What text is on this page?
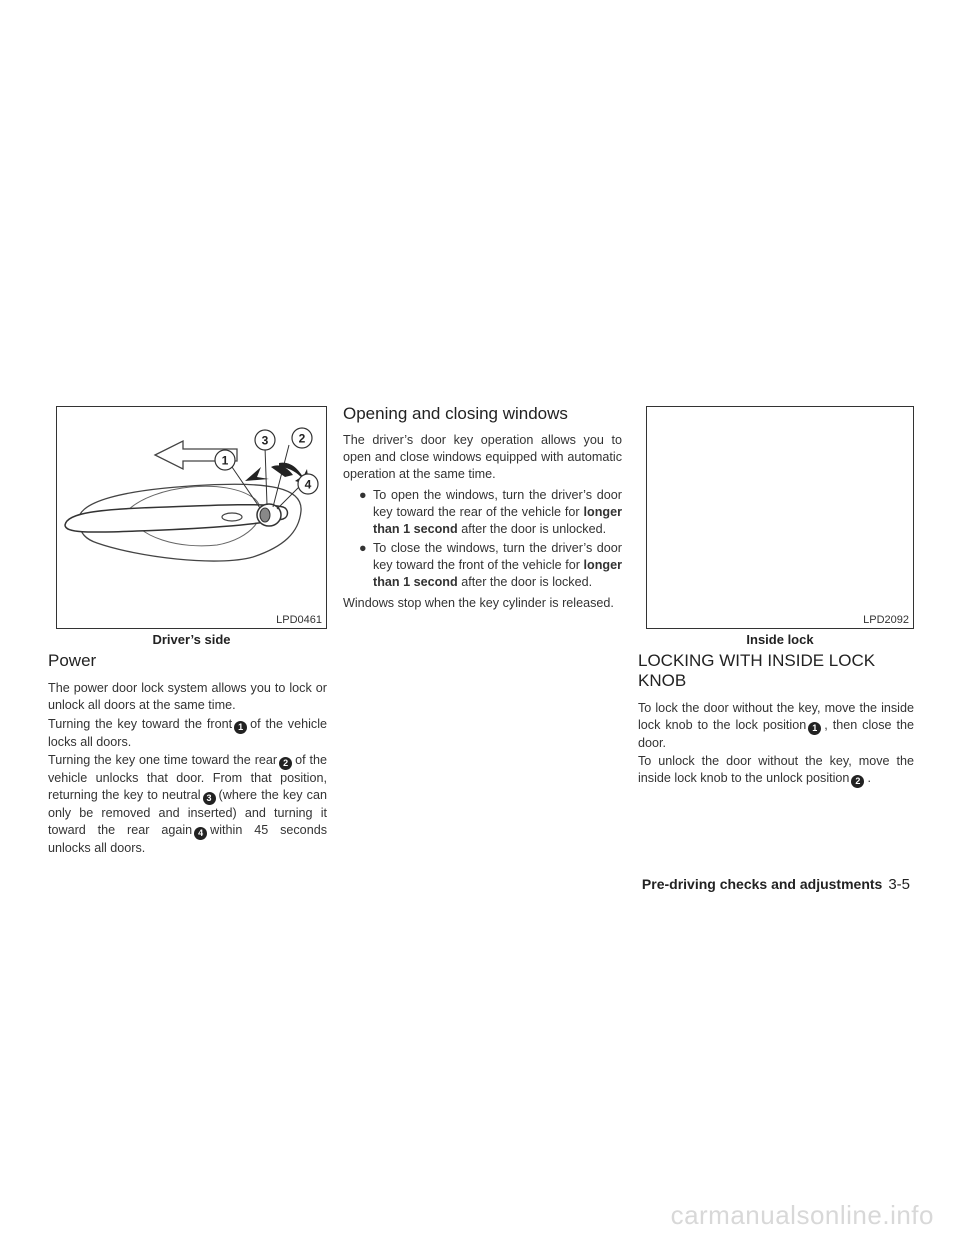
1
3	2
4
LPD0461
Driver’s side
Power

The power door lock system allows you to lock or unlock all doors at the same time.

Turning the key toward the front 1 of the vehicle locks all doors.

Turning the key one time toward the rear 2 of the vehicle unlocks that door. From that position, returning the key to neutral 3 (where the key can only be removed and inserted) and turning it toward the rear again 4 within 45 seconds unlocks all doors.

Opening and closing windows

The driver’s door key operation allows you to open and close windows equipped with automatic operation at the same time.

● To open the windows, turn the driver’s door key toward the rear of the vehicle for longer than 1 second after the door is unlocked.
● To close the windows, turn the driver’s door key toward the front of the vehicle for longer than 1 second after the door is locked.

Windows stop when the key cylinder is released.

LPD2092
Inside lock
LOCKING WITH INSIDE LOCK KNOB

To lock the door without the key, move the inside lock knob to the lock position 1 , then close the door.

To unlock the door without the key, move the inside lock knob to the unlock position 2 .

Pre-driving checks and adjustments 3-5
carmanualsonline.info
